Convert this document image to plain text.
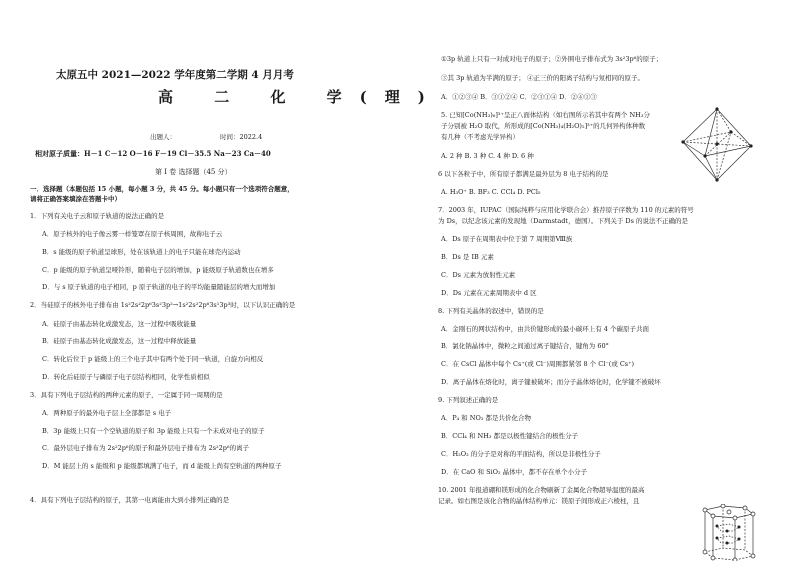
太原五中 2021—2022 学年度第二学期 4 月月考
高 二 化 学(理)
出题人：	时间：2022.4
相对原子质量：H－1 C－12 O－16 F－19 Cl－35.5 Na－23 Ca－40
第 I 卷 选择题（45 分）
一．选择题（本题包括 15 小题，每小题 3 分，共 45 分。每小题只有一个选项符合题意，
请将正确答案填涂在答题卡中）
1．下列有关电子云和原子轨道的说法正确的是
A．原子核外的电子像云雾一样笼罩在原子核周围，故称电子云
B．s 能级的原子轨道呈球形，处在该轨道上的电子只能在球壳内运动
C．p 能级的原子轨道呈哑铃形，随着电子层的增加，p 能级原子轨道数也在增多
D．与 s 原子轨道的电子相同，p 原子轨道的电子的平均能量随能层的增大而增加
2．当硅原子的核外电子排布由 1s²2s²2p⁶3s²3p²→1s²2s²2p⁶3s¹3p³时，以下认识正确的是
A．硅原子由基态转化成激发态，这一过程中吸收能量
B．硅原子由基态转化成激发态，这一过程中释放能量
C．转化后位于 p 能级上的三个电子其中有两个处于同一轨道，自旋方向相反
D．转化后硅原子与磷原子电子层结构相同，化学性质相似
3．具有下列电子层结构的两种元素的原子，一定属于同一周期的是
A．两种原子的最外电子层上全部都是 s 电子
B．3p 能级上只有一个空轨道的原子和 3p 能级上只有一个未成对电子的原子
C．最外层电子排布为 2s²2p⁶的原子和最外层电子排布为 2s²2p⁶的离子
D．M 能层上的 s 能级和 p 能级都填满了电子，而 d 能级上尚有空轨道的两种原子
4．具有下列电子层结构的原子，其第一电离能由大到小排列正确的是
①3p 轨道上只有一对成对电子的原子；②外围电子排布式为 3s²3p⁶的原子；
③其 3p 轨道为半满的原子； ④正三价的阳离子结构与氖相同的原子。
A．①②③④ B．③①②④ C．②③①④ D．②④①③
5. 已知[Co(NH₃)₆]³⁺呈正八面体结构（如右图所示若其中有两个 NH₃分
子分别被 H₂O 取代，所形成的[Co(NH₃)₄(H₂O)₂]³⁺的几何异构体种数
有几种（不考虑光学异构）
A. 2 种 B. 3 种 C. 4 种 D. 6 种
6 以下各粒子中，所有原子都满足最外层为 8 电子结构的是
A. H₃O⁺ B. BF₃ C. CCl₄ D. PCl₅
7．2003 年，IUPAC（国际纯粹与应用化学联合会）推荐原子序数为 110 的元素的符号
为 Ds，以纪念该元素的发现地（Darmstadt，德国）。下列关于 Ds 的说法不正确的是
A．Ds 原子在周期表中位于第 7 周期第Ⅷ族
B．Ds 是 IB 元素
C．Ds 元素为放射性元素
D．Ds 元素在元素周期表中 d 区
8. 下列有关晶体的叙述中，错误的是
A．金刚石的网状结构中，由共价键形成的最小碳环上有 4 个碳原子共面
B．氯化钠晶体中，微粒之间通过离子键结合，键角为 60°
C．在 CsCl 晶体中每个 Cs⁺(或 Cl⁻)周围都紧邻 8 个 Cl⁻(或 Cs⁺)
D．离子晶体在熔化时，离子键被破坏；而分子晶体熔化时，化学键不被破坏
9. 下列叙述正确的是
A．P₄ 和 NO₂ 都是共价化合物
B．CCl₄ 和 NH₃ 都是以极性键结合的极性分子
C．H₂O₂ 的分子是对称的平面结构，所以是非极性分子
D．在 CaO 和 SiO₂ 晶体中，都不存在单个小分子
10. 2001 年报道硼和镁形成的化合物刷新了金属化合物超导温度的最高
记录。如右图是该化合物的晶体结构单元：镁原子间形成正六棱柱，且
